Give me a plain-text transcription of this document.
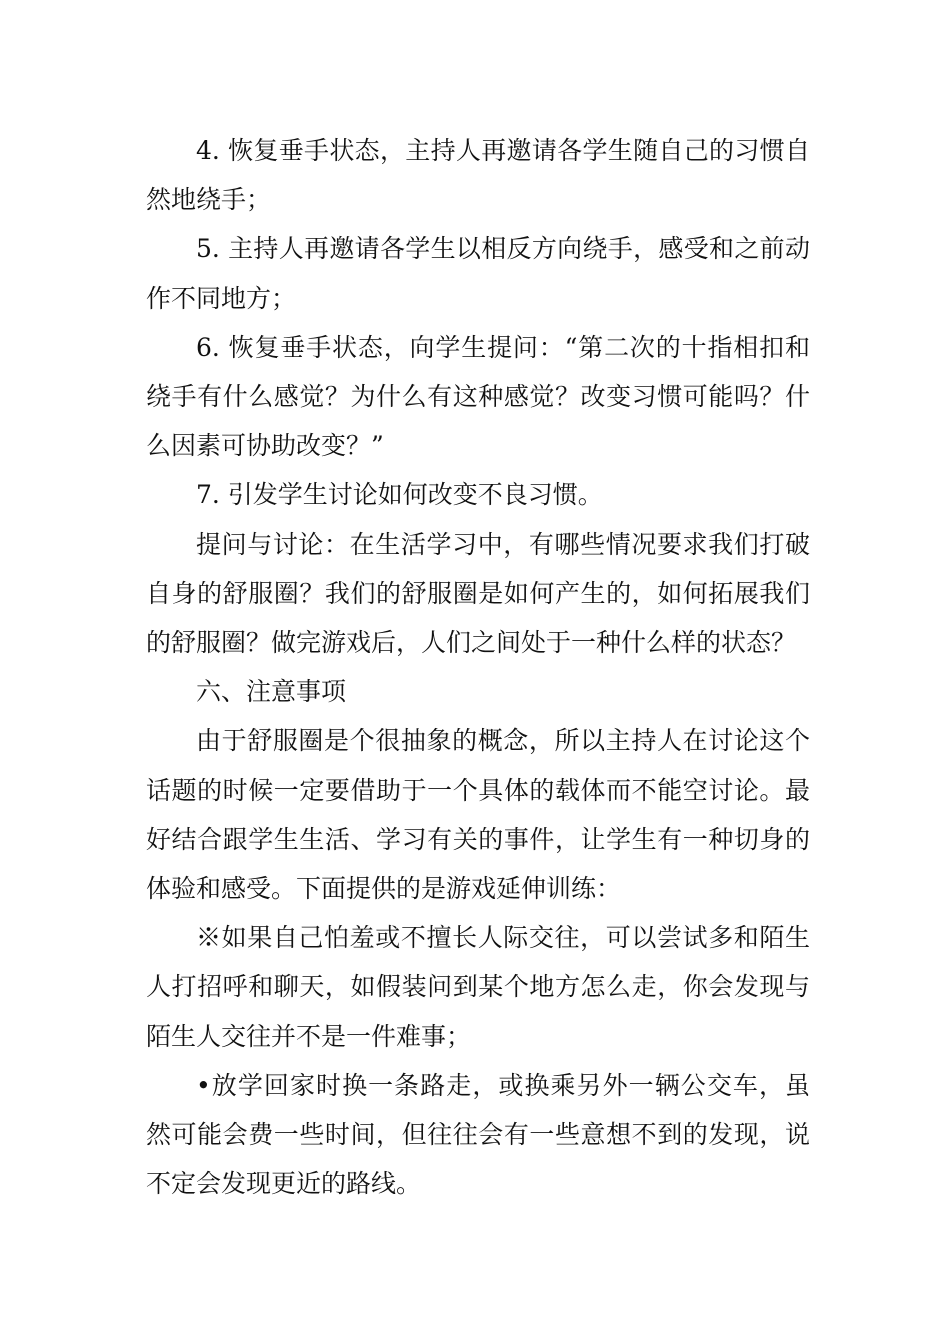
4. 恢复垂手状态，主持人再邀请各学生随自己的习惯自然地绕手；

5. 主持人再邀请各学生以相反方向绕手，感受和之前动作不同地方；

6. 恢复垂手状态，向学生提问：“第二次的十指相扣和绕手有什么感觉？为什么有这种感觉？改变习惯可能吗？什么因素可协助改变？”

7. 引发学生讨论如何改变不良习惯。

提问与讨论：在生活学习中，有哪些情况要求我们打破自身的舒服圈？我们的舒服圈是如何产生的，如何拓展我们的舒服圈？做完游戏后，人们之间处于一种什么样的状态？

六、注意事项

由于舒服圈是个很抽象的概念，所以主持人在讨论这个话题的时候一定要借助于一个具体的载体而不能空讨论。最好结合跟学生生活、学习有关的事件，让学生有一种切身的体验和感受。下面提供的是游戏延伸训练：

※如果自己怕羞或不擅长人际交往，可以尝试多和陌生人打招呼和聊天，如假装问到某个地方怎么走，你会发现与陌生人交往并不是一件难事；

•放学回家时换一条路走，或换乘另外一辆公交车，虽然可能会费一些时间，但往往会有一些意想不到的发现，说不定会发现更近的路线。
